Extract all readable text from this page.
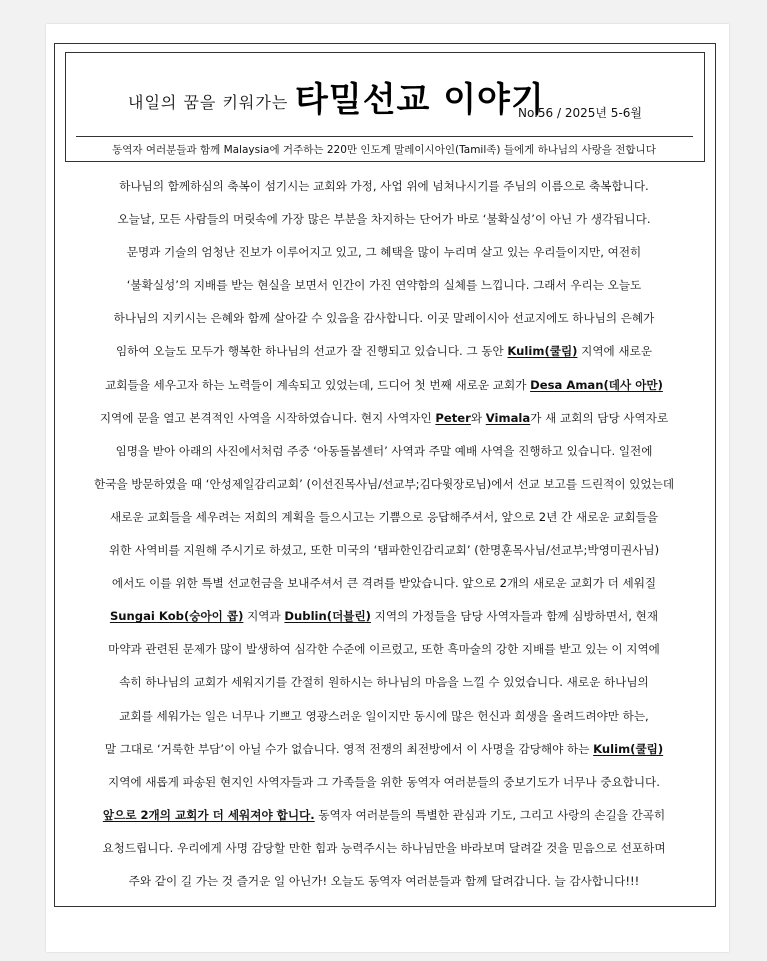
내일의 꿈을 키워가는 타밀선교 이야기
No.56 / 2025년 5-6월
동역자 여러분들과 함께 Malaysia에 거주하는 220만 인도계 말레이시아인(Tamil족) 들에게 하나님의 사랑을 전합니다
하나님의 함께하심의 축복이 섬기시는 교회와 가정, 사업 위에 넘쳐나시기를 주님의 이름으로 축복합니다.
오늘날, 모든 사람들의 머릿속에 가장 많은 부분을 차지하는 단어가 바로 ‘불확실성’이 아닌 가 생각됩니다.
문명과 기술의 엄청난 진보가 이루어지고 있고, 그 혜택을 많이 누리며 살고 있는 우리들이지만, 여전히
‘불확실성’의 지배를 받는 현실을 보면서 인간이 가진 연약함의 실체를 느낍니다. 그래서 우리는 오늘도
하나님의 지키시는 은혜와 함께 살아갈 수 있음을 감사합니다. 이곳 말레이시아 선교지에도 하나님의 은혜가
임하여 오늘도 모두가 행복한 하나님의 선교가 잘 진행되고 있습니다. 그 동안 Kulim(쿨림) 지역에 새로운
교회들을 세우고자 하는 노력들이 계속되고 있었는데, 드디어 첫 번째 새로운 교회가 Desa Aman(데사 아만)
지역에 문을 열고 본격적인 사역을 시작하였습니다. 현지 사역자인 Peter와 Vimala가 새 교회의 담당 사역자로
임명을 받아 아래의 사진에서처럼 주중 ‘아동돌봄센터’ 사역과 주말 예배 사역을 진행하고 있습니다. 일전에
한국을 방문하였을 때 ‘안성제일감리교회’ (이선진목사님/선교부;김다윗장로님)에서 선교 보고를 드린적이 있었는데
새로운 교회들을 세우려는 저희의 계획을 들으시고는 기쁨으로 응답해주셔서, 앞으로 2년 간 새로운 교회들을
위한 사역비를 지원해 주시기로 하셨고, 또한 미국의 ‘탬파한인감리교회’ (한명훈목사님/선교부;박영미권사님)
에서도 이를 위한 특별 선교헌금을 보내주셔서 큰 격려를 받았습니다. 앞으로 2개의 새로운 교회가 더 세워질
Sungai Kob(숭아이 콥) 지역과 Dublin(더블린) 지역의 가정들을 담당 사역자들과 함께 심방하면서, 현재
마약과 관련된 문제가 많이 발생하여 심각한 수준에 이르렀고, 또한 흑마술의 강한 지배를 받고 있는 이 지역에
속히 하나님의 교회가 세워지기를 간절히 원하시는 하나님의 마음을 느낄 수 있었습니다. 새로운 하나님의
교회를 세워가는 일은 너무나 기쁘고 영광스러운 일이지만 동시에 많은 헌신과 희생을 올려드려야만 하는,
말 그대로 ‘거룩한 부담’이 아닐 수가 없습니다. 영적 전쟁의 최전방에서 이 사명을 감당해야 하는 Kulim(쿨림)
지역에 새롭게 파송된 현지인 사역자들과 그 가족들을 위한 동역자 여러분들의 중보기도가 너무나 중요합니다.
앞으로 2개의 교회가 더 세워져야 합니다. 동역자 여러분들의 특별한 관심과 기도, 그리고 사랑의 손길을 간곡히
요청드립니다. 우리에게 사명 감당할 만한 힘과 능력주시는 하나님만을 바라보며 달려갈 것을 믿음으로 선포하며
주와 같이 길 가는 것 즐거운 일 아닌가! 오늘도 동역자 여러분들과 함께 달려갑니다. 늘 감사합니다!!!
